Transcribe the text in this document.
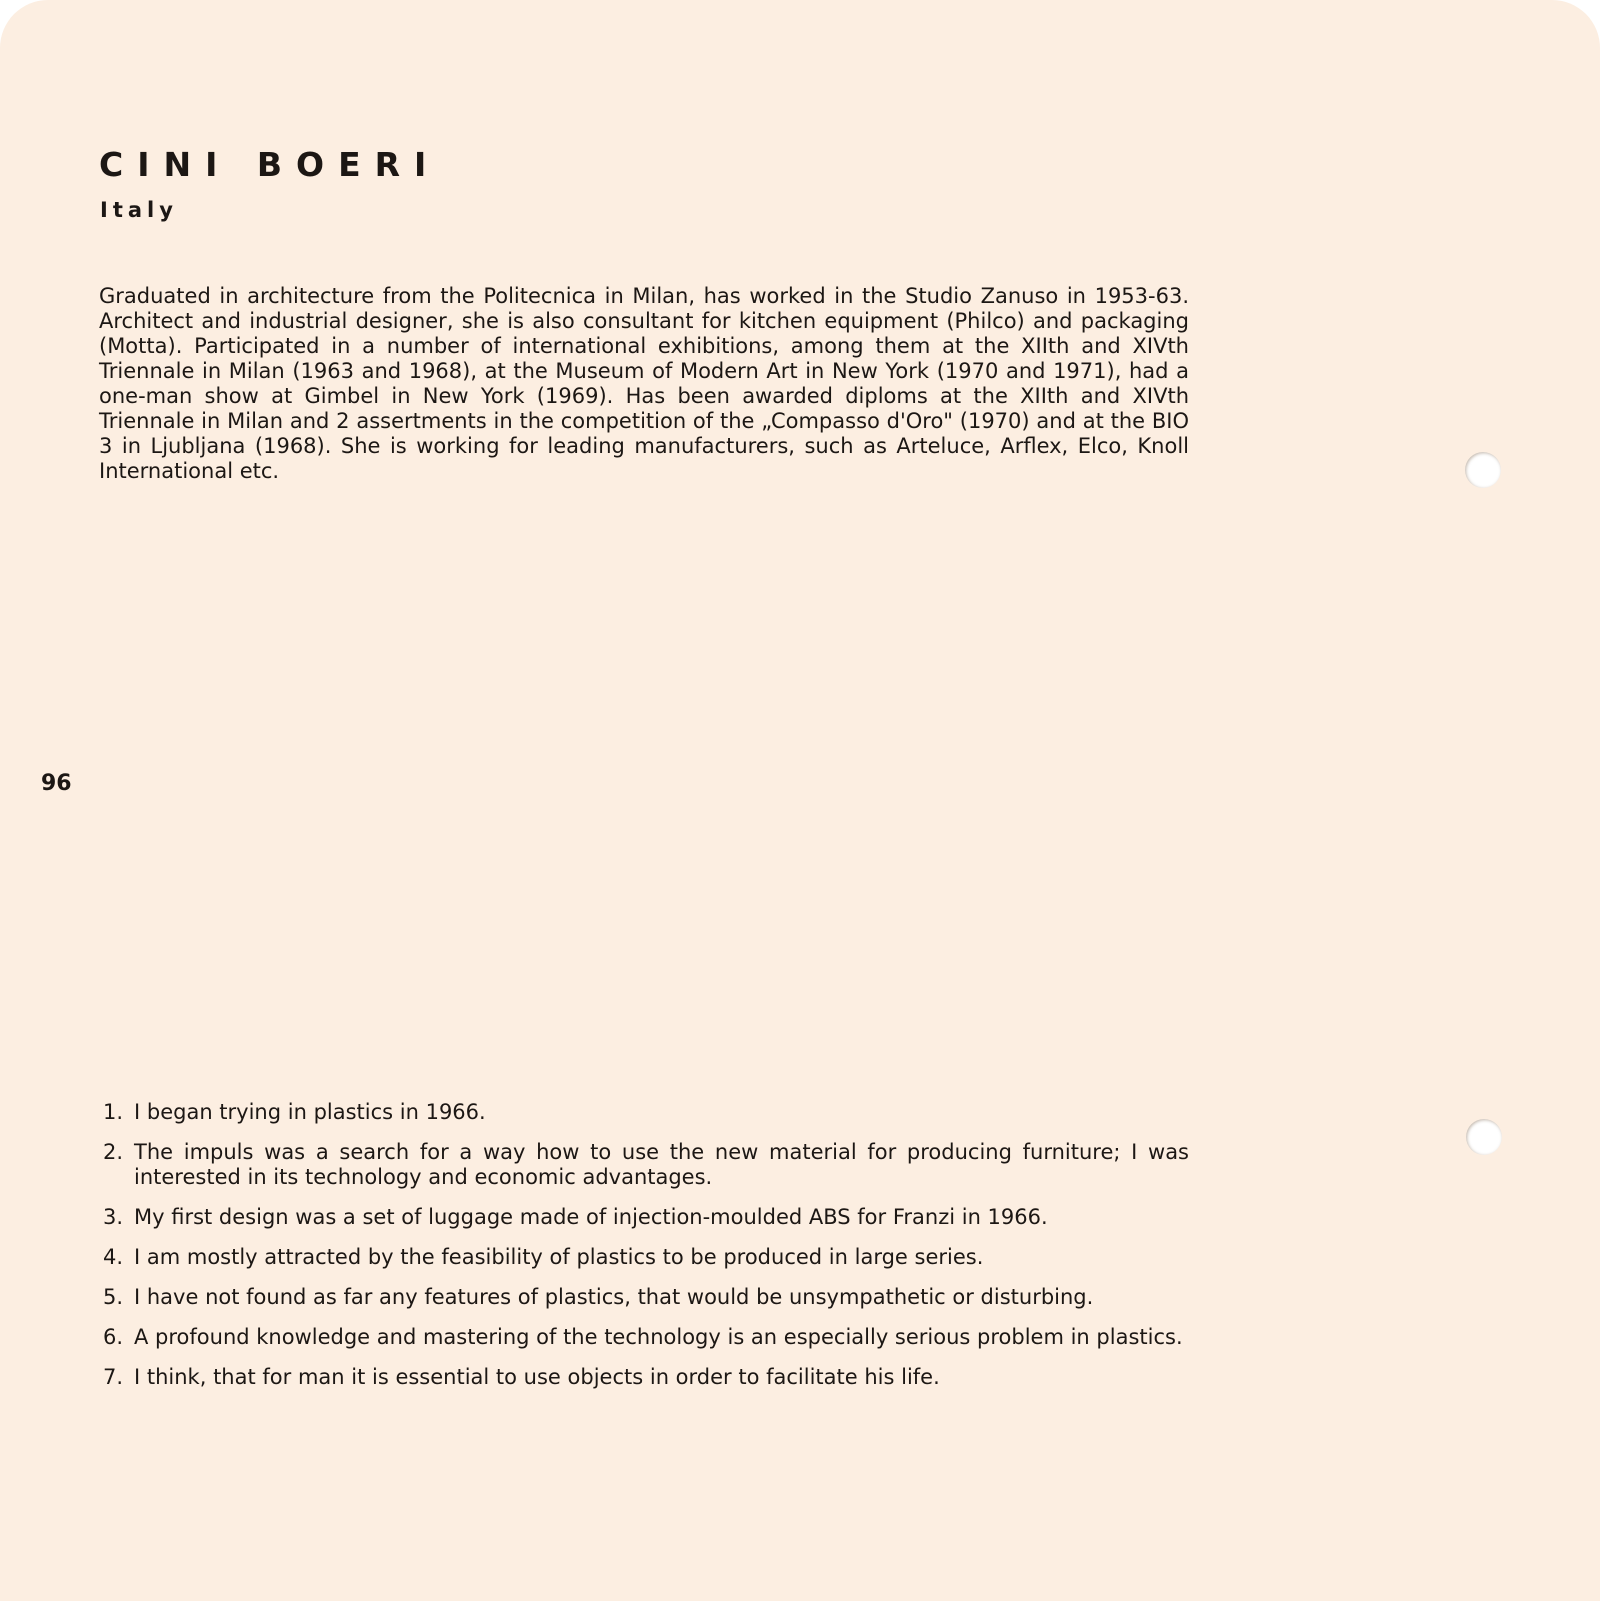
CINI BOERI
Italy

Graduated in architecture from the Politecnica in Milan, has worked in the Studio Zanuso in 1953-63. Architect and industrial designer, she is also consultant for kitchen equipment (Philco) and packaging (Motta). Participated in a number of international exhibitions, among them at the XIIth and XIVth Triennale in Milan (1963 and 1968), at the Museum of Modern Art in New York (1970 and 1971), had a one-man show at Gimbel in New York (1969). Has been awarded diploms at the XIIth and XIVth Triennale in Milan and 2 assertments in the competition of the „Compasso d'Oro" (1970) and at the BIO 3 in Ljubljana (1968). She is working for leading manufacturers, such as Arteluce, Arflex, Elco, Knoll International etc.

96
1. I began trying in plastics in 1966.
2. The impuls was a search for a way how to use the new material for producing furniture; I was interested in its technology and economic advantages.
3. My first design was a set of luggage made of injection-moulded ABS for Franzi in 1966.
4. I am mostly attracted by the feasibility of plastics to be produced in large series.
5. I have not found as far any features of plastics, that would be unsympathetic or disturbing.
6. A profound knowledge and mastering of the technology is an especially serious problem in plastics.
7. I think, that for man it is essential to use objects in order to facilitate his life.
